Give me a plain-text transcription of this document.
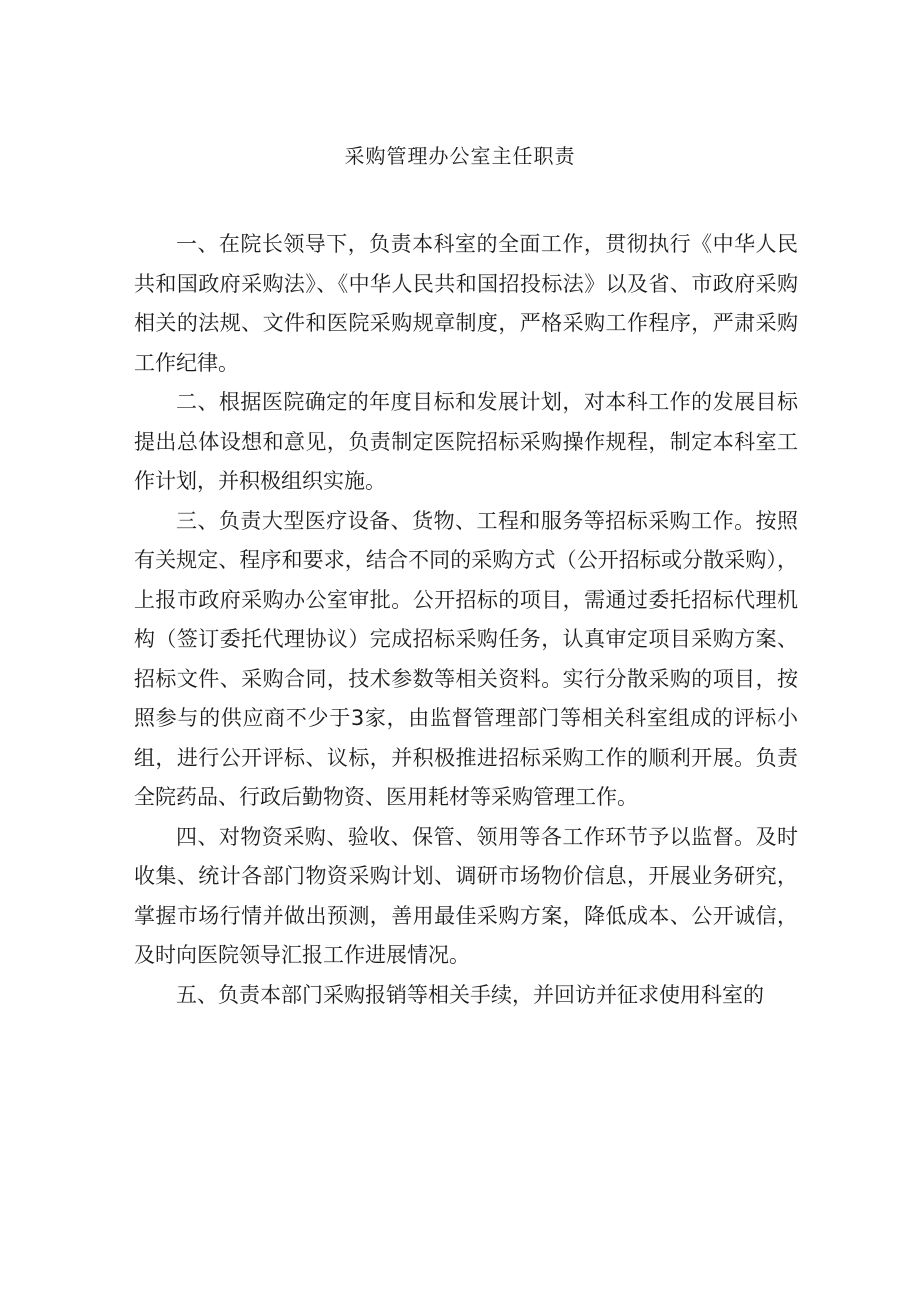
采购管理办公室主任职责

一、在院长领导下，负责本科室的全面工作，贯彻执行《中华人民共和国政府采购法》、《中华人民共和国招投标法》以及省、市政府采购相关的法规、文件和医院采购规章制度，严格采购工作程序，严肃采购工作纪律。

二、根据医院确定的年度目标和发展计划，对本科工作的发展目标提出总体设想和意见，负责制定医院招标采购操作规程，制定本科室工作计划，并积极组织实施。

三、负责大型医疗设备、货物、工程和服务等招标采购工作。按照有关规定、程序和要求，结合不同的采购方式（公开招标或分散采购），上报市政府采购办公室审批。公开招标的项目，需通过委托招标代理机构（签订委托代理协议）完成招标采购任务，认真审定项目采购方案、招标文件、采购合同，技术参数等相关资料。实行分散采购的项目，按照参与的供应商不少于3家，由监督管理部门等相关科室组成的评标小组，进行公开评标、议标，并积极推进招标采购工作的顺利开展。负责全院药品、行政后勤物资、医用耗材等采购管理工作。

四、对物资采购、验收、保管、领用等各工作环节予以监督。及时收集、统计各部门物资采购计划、调研市场物价信息，开展业务研究，掌握市场行情并做出预测，善用最佳采购方案，降低成本、公开诚信，及时向医院领导汇报工作进展情况。

五、负责本部门采购报销等相关手续，并回访并征求使用科室的
